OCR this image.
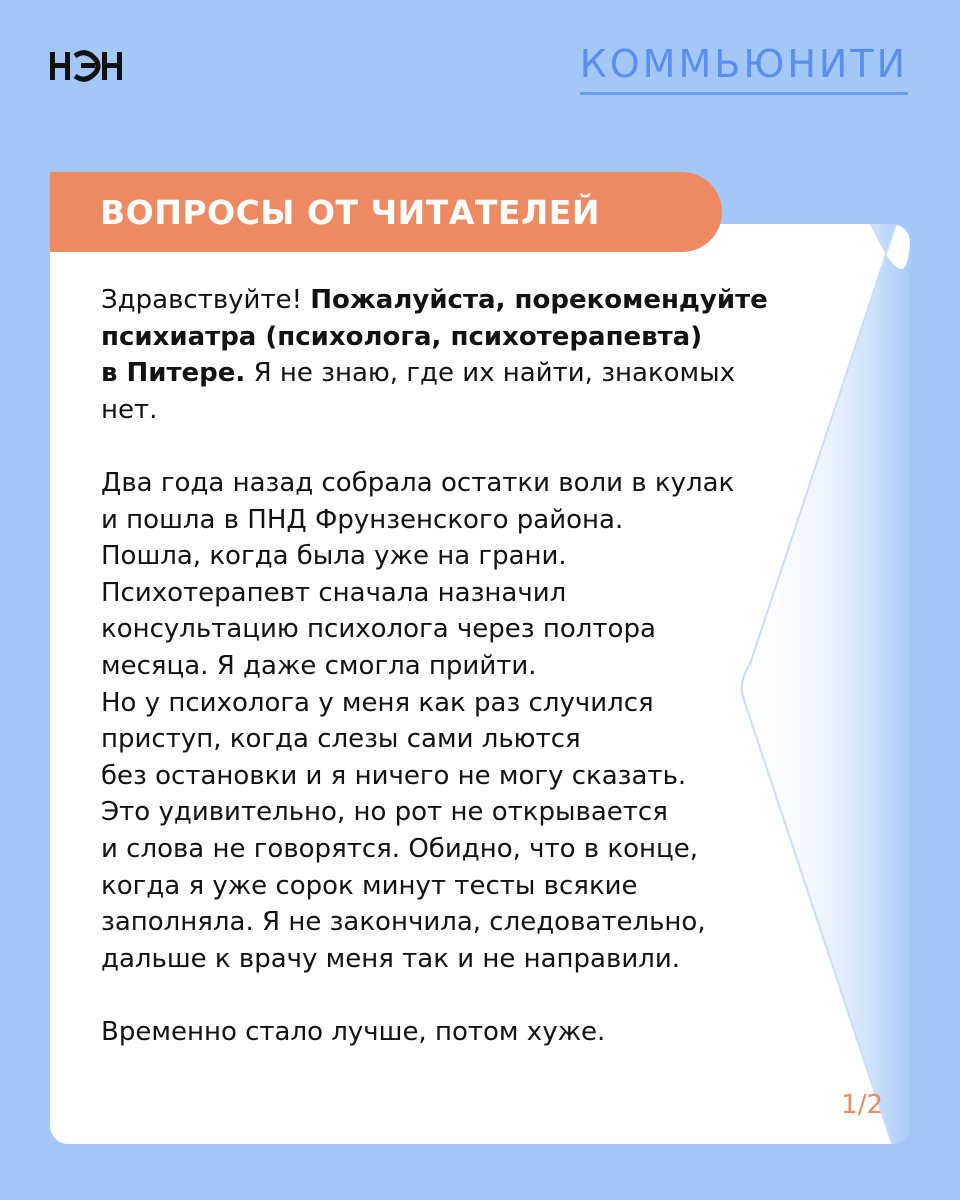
КОММЬЮНИТИ
ВОПРОСЫ ОТ ЧИТАТЕЛЕЙ
Здравствуйте! Пожалуйста, порекомендуйте
психиатра (психолога, психотерапевта)
в Питере. Я не знаю, где их найти, знакомых
нет.
Два года назад собрала остатки воли в кулак
и пошла в ПНД Фрунзенского района.
Пошла, когда была уже на грани.
Психотерапевт сначала назначил
консультацию психолога через полтора
месяца. Я даже смогла прийти.
Но у психолога у меня как раз случился
приступ, когда слезы сами льются
без остановки и я ничего не могу сказать.
Это удивительно, но рот не открывается
и слова не говорятся. Обидно, что в конце,
когда я уже сорок минут тесты всякие
заполняла. Я не закончила, следовательно,
дальше к врачу меня так и не направили.
Временно стало лучше, потом хуже.
1/2
